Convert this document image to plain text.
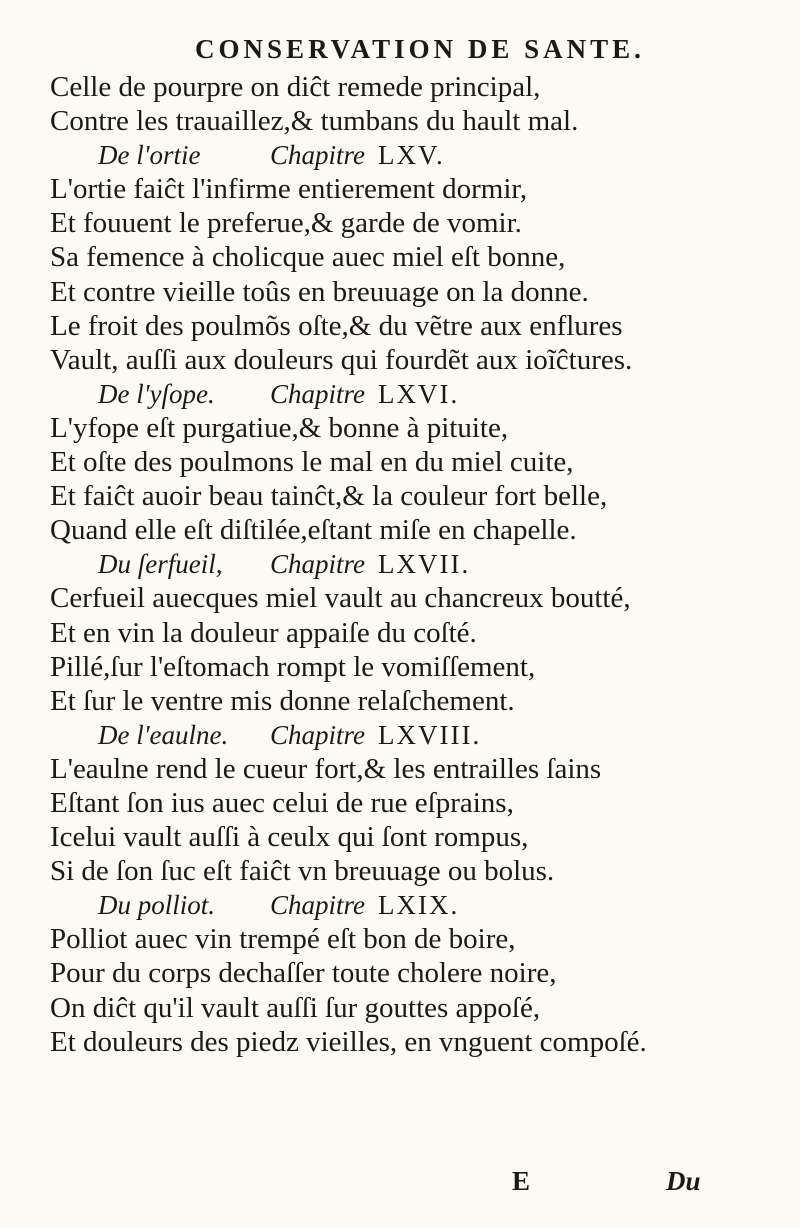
CONSERVATION DE SANTE.
Celle de pourpre on diĉt remede principal,
Contre les trauaillez,& tumbans du hault mal.
De l'ortie	Chapitre LXV.
L'ortie faiĉt l'infirme entierement dormir,
Et fouuent le preferue,& garde de vomir.
Sa femence à cholicque auec miel eſt bonne,
Et contre vieille toûs en breuuage on la donne.
Le froit des poulmõs oſte,& du vẽtre aux enflures
Vault, auſſi aux douleurs qui fourdẽt aux ioĩĉtures.
De l'yſope. Chapitre LXVI.
L'yfope eſt purgatiue,& bonne à pituite,
Et oſte des poulmons le mal en du miel cuite,
Et faiĉt auoir beau tainĉt,& la couleur fort belle,
Quand elle eſt diſtilée,eſtant miſe en chapelle.
Du ſerfueil, Chapitre LXVII.
Cerfueil auecques miel vault au chancreux boutté,
Et en vin la douleur appaiſe du coſté.
Pillé,ſur l'eſtomach rompt le vomiſſement,
Et ſur le ventre mis donne relaſchement.
De l'eaulne. Chapitre LXVIII.
L'eaulne rend le cueur fort,& les entrailles ſains
Eſtant ſon ius auec celui de rue eſprains,
Icelui vault auſſi à ceulx qui ſont rompus,
Si de ſon ſuc eſt faiĉt vn breuuage ou bolus.
Du polliot. Chapitre LXIX.
Polliot auec vin trempé eſt bon de boire,
Pour du corps dechaſſer toute cholere noire,
On diĉt qu'il vault auſſi ſur gouttes appoſé,
Et douleurs des piedz vieilles, en vnguent compoſé.
E	Du
